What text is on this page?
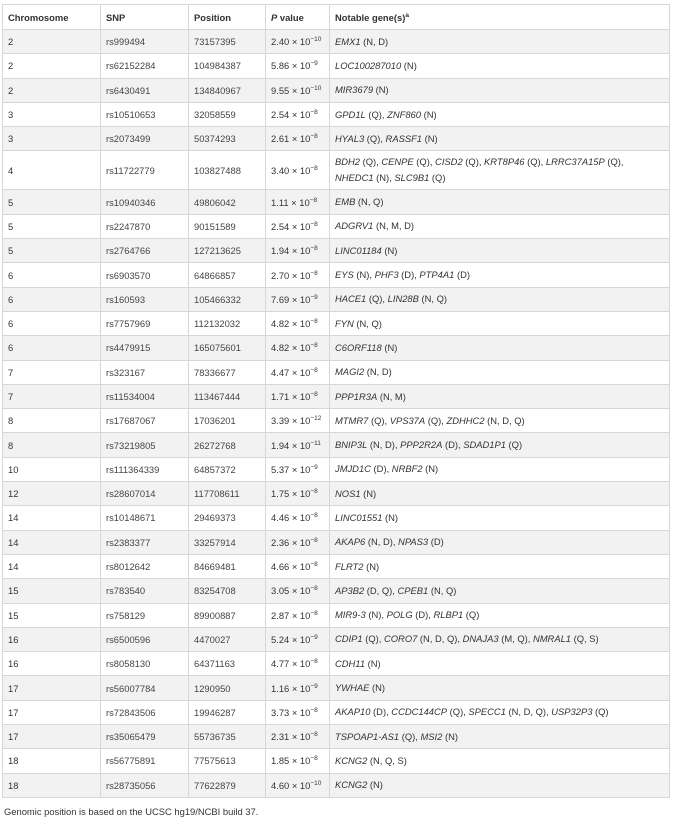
Chromosome	SNP	Position	P value	Notable $gene(s)^a$
2	rs999494	73157395	$2.40 \times 10^{-10}$	EMX1 (N, D)
2	rs62152284	104984387	$5.86 \times 10^{-9}$	LOC100287010 (N)
2	rs6430491	134840967	$9.55 \times 10^{-10}$	MIR3679 (N)
3	rs10510653	32058559	$2.54 \times 10^{-8}$	GPD1L (Q), ZNF860 (N)
3	rs2073499	50374293	$2.61 \times 10^{-8}$	HYAL3 (Q), RASSF1 (N)
4	rs11722779	103827488	$3.40 \times 10^{-8}$	BDH2 (Q), CENPE (Q), CISD2 (Q), KRT8P46 (Q), LRRC37A15P (Q), NHEDC1 (N), SLC9B1 (Q)
5	rs10940346	49806042	$1.11 \times 10^{-8}$	EMB (N, Q)
5	rs2247870	90151589	$2.54 \times 10^{-8}$	ADGRV1 (N, M, D)
5	rs2764766	127213625	$1.94 \times 10^{-8}$	LINC01184 (N)
6	rs6903570	64866857	$2.70 \times 10^{-8}$	EYS (N), PHF3 (D), PTP4A1 (D)
6	rs160593	105466332	$7.69 \times 10^{-9}$	HACE1 (Q), LIN28B (N, Q)
6	rs7757969	112132032	$4.82 \times 10^{-8}$	FYN (N, Q)
6	rs4479915	165075601	$4.82 \times 10^{-8}$	C6ORF118 (N)
7	rs323167	78336677	$4.47 \times 10^{-8}$	MAGI2 (N, D)
7	rs11534004	113467444	$1.71 \times 10^{-8}$	PPP1R3A (N, M)
8	rs17687067	17036201	$3.39 \times 10^{-12}$	MTMR7 (Q), VPS37A (Q), ZDHHC2 (N, D, Q)
8	rs73219805	26272768	$1.94 \times 10^{-11}$	BNIP3L (N, D), PPP2R2A (D), SDAD1P1 (Q)
10	rs111364339	64857372	$5.37 \times 10^{-9}$	JMJD1C (D), NRBF2 (N)
12	rs28607014	117708611	$1.75 \times 10^{-8}$	NOS1 (N)
14	rs10148671	29469373	$4.46 \times 10^{-8}$	LINC01551 (N)
14	rs2383377	33257914	$2.36 \times 10^{-8}$	AKAP6 (N, D), NPAS3 (D)
14	rs8012642	84669481	$4.66 \times 10^{-8}$	FLRT2 (N)
15	rs783540	83254708	$3.05 \times 10^{-8}$	AP3B2 (D, Q), CPEB1 (N, Q)
15	rs758129	89900887	$2.87 \times 10^{-8}$	MIR9-3 (N), POLG (D), RLBP1 (Q)
16	rs6500596	4470027	$5.24 \times 10^{-9}$	CDIP1 (Q), CORO7 (N, D, Q), DNAJA3 (M, Q), NMRAL1 (Q, S)
16	rs8058130	64371163	$4.77 \times 10^{-8}$	CDH11 (N)
17	rs56007784	1290950	$1.16 \times 10^{-9}$	YWHAE (N)
17	rs72843506	19946287	$3.73 \times 10^{-8}$	AKAP10 (D), CCDC144CP (Q), SPECC1 (N, D, Q), USP32P3 (Q)
17	rs35065479	55736735	$2.31 \times 10^{-8}$	TSPOAP1-AS1 (Q), MSI2 (N)
18	rs56775891	77575613	$1.85 \times 10^{-8}$	KCNG2 (N, Q, S)
18	rs28735056	77622879	$4.60 \times 10^{-10}$	KCNG2 (N)
Genomic position is based on the UCSC hg19/NCBI build 37.
